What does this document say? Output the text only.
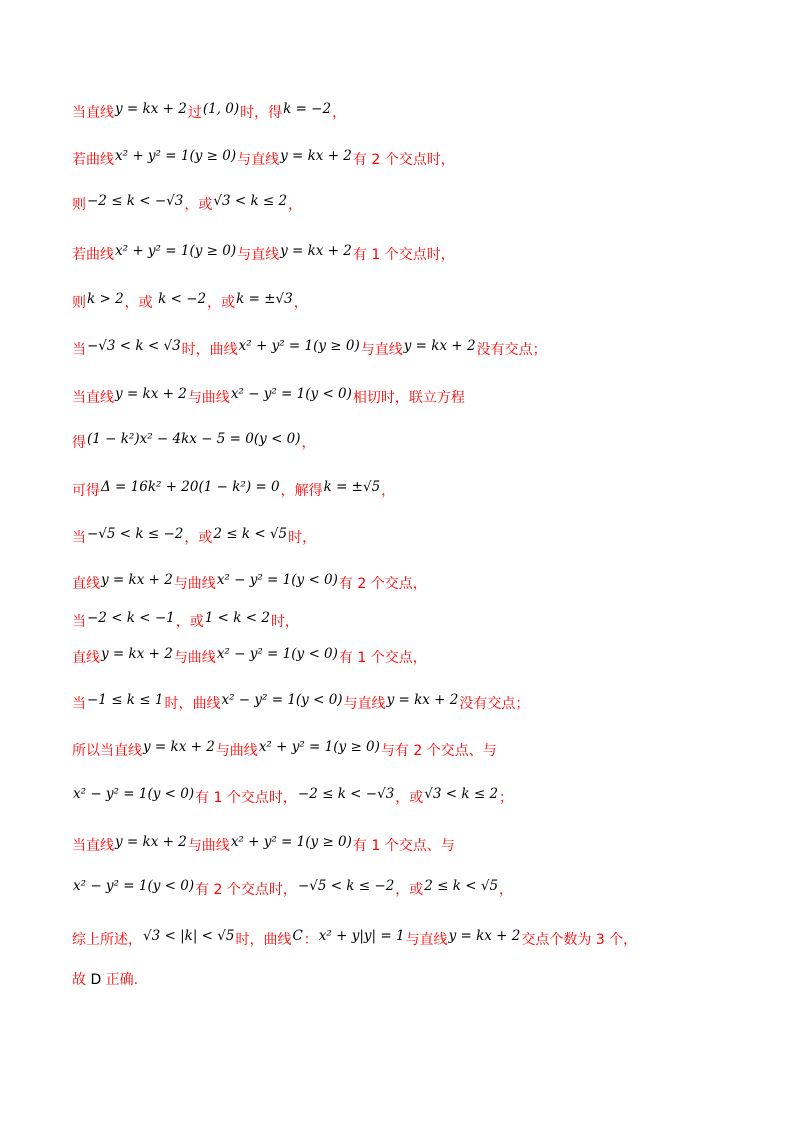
当直线y = kx + 2过(1, 0)时，得k = −2，
若曲线x² + y² = 1(y ≥ 0)与直线y = kx + 2有 2 个交点时，
则−2 ≤ k < −√3，或√3 < k ≤ 2，
若曲线x² + y² = 1(y ≥ 0)与直线y = kx + 2有 1 个交点时，
则k > 2，或 k < −2，或k = ±√3，
当−√3 < k < √3时，曲线x² + y² = 1(y ≥ 0)与直线y = kx + 2没有交点；
当直线y = kx + 2与曲线x² − y² = 1(y < 0)相切时，联立方程
得(1 − k²)x² − 4kx − 5 = 0(y < 0)，
可得Δ = 16k² + 20(1 − k²) = 0，解得k = ±√5，
当−√5 < k ≤ −2，或2 ≤ k < √5时，
直线y = kx + 2与曲线x² − y² = 1(y < 0)有 2 个交点，
当−2 < k < −1，或1 < k < 2时，
直线y = kx + 2与曲线x² − y² = 1(y < 0)有 1 个交点，
当−1 ≤ k ≤ 1时，曲线x² − y² = 1(y < 0)与直线y = kx + 2没有交点；
所以当直线y = kx + 2与曲线x² + y² = 1(y ≥ 0)与有 2 个交点、与
x² − y² = 1(y < 0)有 1 个交点时，−2 ≤ k < −√3，或√3 < k ≤ 2；
当直线y = kx + 2与曲线x² + y² = 1(y ≥ 0)有 1 个交点、与
x² − y² = 1(y < 0)有 2 个交点时，−√5 < k ≤ −2，或2 ≤ k < √5，
综上所述，√3 < |k| < √5时，曲线C：x² + y|y| = 1与直线y = kx + 2交点个数为 3 个，
故 D 正确.
